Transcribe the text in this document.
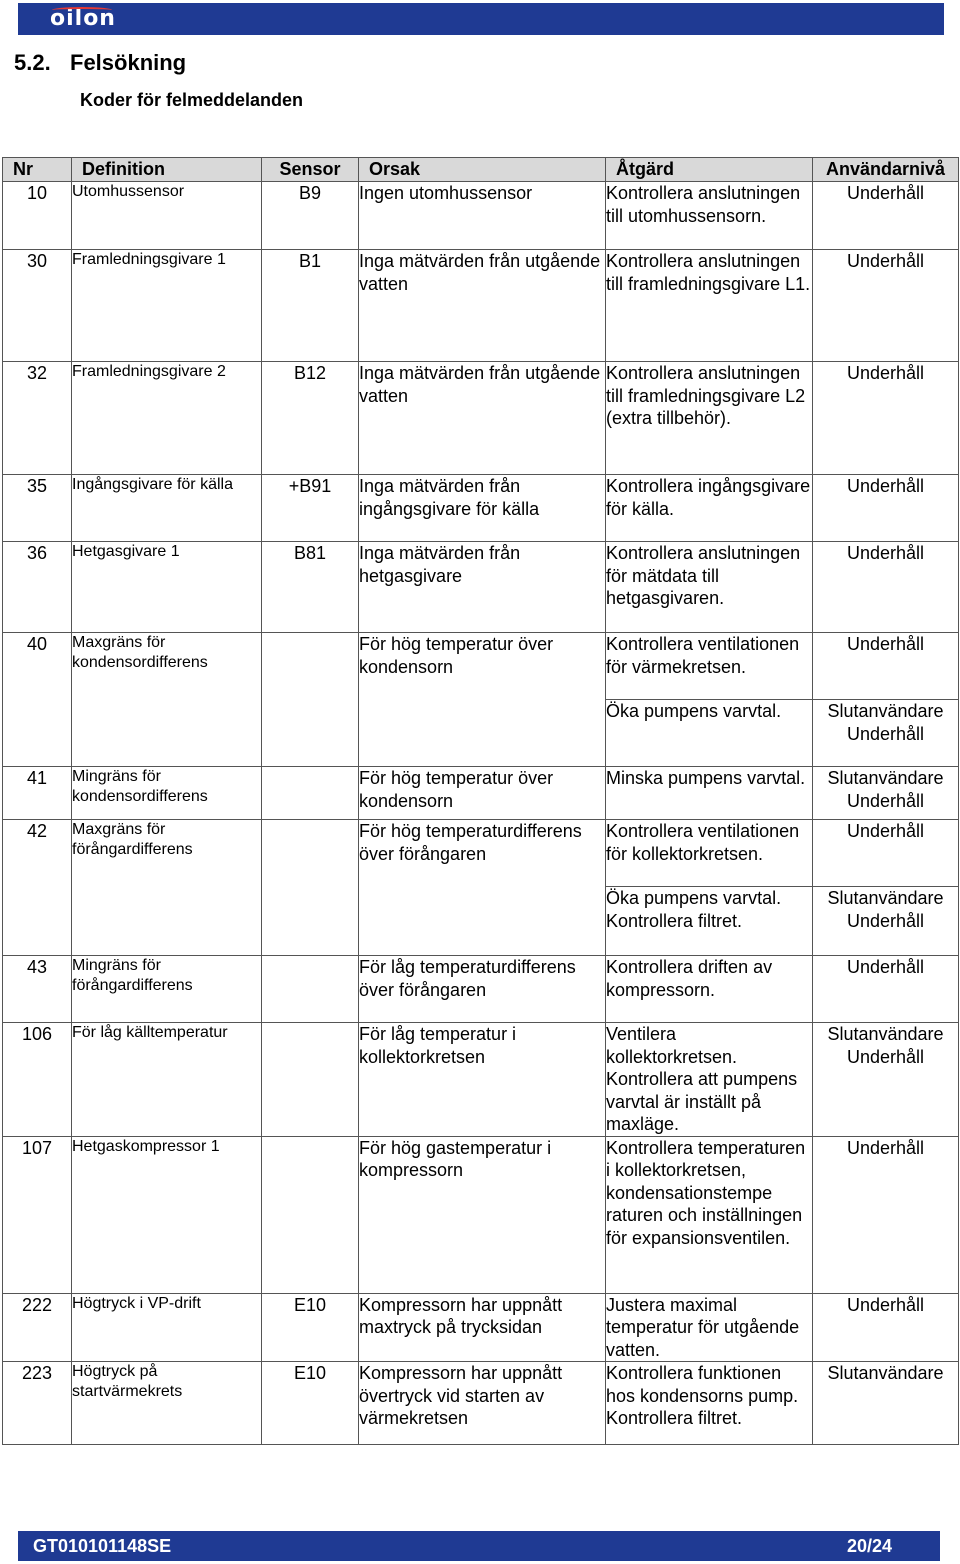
oilon
5.2. Felsökning
Koder för felmeddelanden
Nr	Definition	Sensor	Orsak	Åtgärd	Användarnivå
10	Utomhussensor	B9	Ingen utomhussensor	Kontrollera anslutningen till utomhussensorn.	Underhåll
30	Framledningsgivare 1	B1	Inga mätvärden från utgående vatten	Kontrollera anslutningen till framledningsgivare L1.	Underhåll
32	Framledningsgivare 2	B12	Inga mätvärden från utgående vatten	Kontrollera anslutningen till framledningsgivare L2 (extra tillbehör).	Underhåll
35	Ingångsgivare för källa	+B91	Inga mätvärden från ingångsgivare för källa	Kontrollera ingångsgivare för källa.	Underhåll
36	Hetgasgivare 1	B81	Inga mätvärden från hetgasgivare	Kontrollera anslutningen för mätdata till hetgasgivaren.	Underhåll
40	Maxgräns för kondensordifferens		För hög temperatur över kondensorn	Kontrollera ventilationen för värmekretsen.	Underhåll
				Öka pumpens varvtal.	Slutanvändare Underhåll
41	Mingräns för kondensordifferens		För hög temperatur över kondensorn	Minska pumpens varvtal.	Slutanvändare Underhåll
42	Maxgräns för förångardifferens		För hög temperaturdifferens över förångaren	Kontrollera ventilationen för kollektorkretsen.	Underhåll
				Öka pumpens varvtal. Kontrollera filtret.	Slutanvändare Underhåll
43	Mingräns för förångardifferens		För låg temperaturdifferens över förångaren	Kontrollera driften av kompressorn.	Underhåll
106	För låg källtemperatur		För låg temperatur i kollektorkretsen	Ventilera kollektorkretsen. Kontrollera att pumpens varvtal är inställt på maxläge.	Slutanvändare Underhåll
107	Hetgaskompressor 1		För hög gastemperatur i kompressorn	Kontrollera temperaturen i kollektorkretsen, kondensationstempe raturen och inställningen för expansionsventilen.	Underhåll
222	Högtryck i VP-drift	E10	Kompressorn har uppnått maxtryck på trycksidan	Justera maximal temperatur för utgående vatten.	Underhåll
223	Högtryck på startvärmekrets	E10	Kompressorn har uppnått övertryck vid starten av värmekretsen	Kontrollera funktionen hos kondensorns pump. Kontrollera filtret.	Slutanvändare
GT010101148SE	20/24
